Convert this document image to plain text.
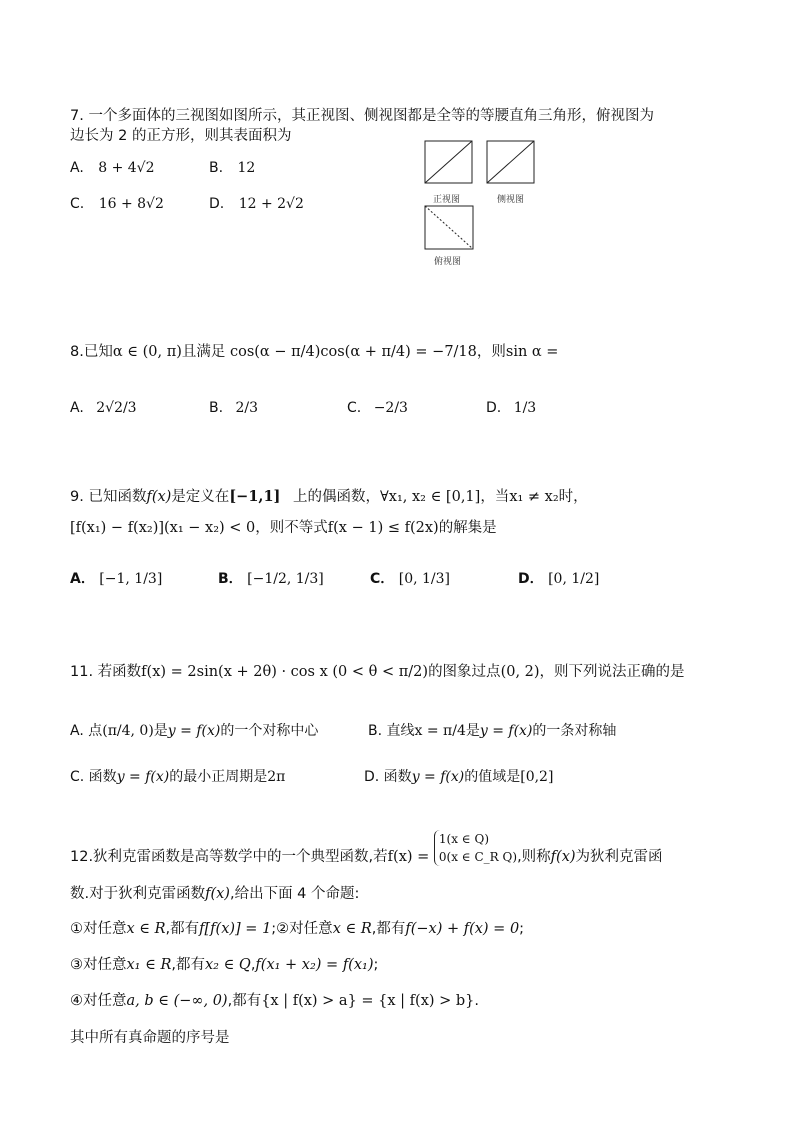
7. 一个多面体的三视图如图所示，其正视图、侧视图都是全等的等腰直角三角形，俯视图为
边长为 2 的正方形，则其表面积为
A. 8 + 4√2	B. 12
C. 16 + 8√2	D. 12 + 2√2	正视图	侧视图
俯视图
8.已知α ∈ (0, π)且满足 cos(α − π/4)cos(α + π/4) = −7/18，则sin α =
A. 2√2/3	B. 2/3	C. −2/3	D. 1/3
9. 已知函数f(x)是定义在[−1,1] 上的偶函数，∀x₁, x₂ ∈ [0,1]，当x₁ ≠ x₂时，
[f(x₁) − f(x₂)](x₁ − x₂) < 0，则不等式f(x − 1) ≤ f(2x)的解集是
A． [−1, 1/3]	B． [−1/2, 1/3]	C． [0, 1/3]	D． [0, 1/2]
11. 若函数f(x) = 2sin(x + 2θ) · cos x (0 < θ < π/2)的图象过点(0, 2)，则下列说法正确的是
A. 点(π/4, 0)是y = f(x)的一个对称中心	B. 直线x = π/4是y = f(x)的一条对称轴
C. 函数y = f(x)的最小正周期是2π	D. 函数y = f(x)的值域是[0,2]
12.狄利克雷函数是高等数学中的一个典型函数,若f(x) =
1(x ∈ Q)
0(x ∈ C_R Q) ,则称f(x)为狄利克雷函
数.对于狄利克雷函数f(x),给出下面 4 个命题:
①对任意x ∈ R,都有f[f(x)] = 1;②对任意x ∈ R,都有f(−x) + f(x) = 0;
③对任意x₁ ∈ R,都有x₂ ∈ Q,f(x₁ + x₂) = f(x₁);
④对任意a, b ∈ (−∞, 0),都有{x | f(x) > a} = {x | f(x) > b}.
其中所有真命题的序号是
